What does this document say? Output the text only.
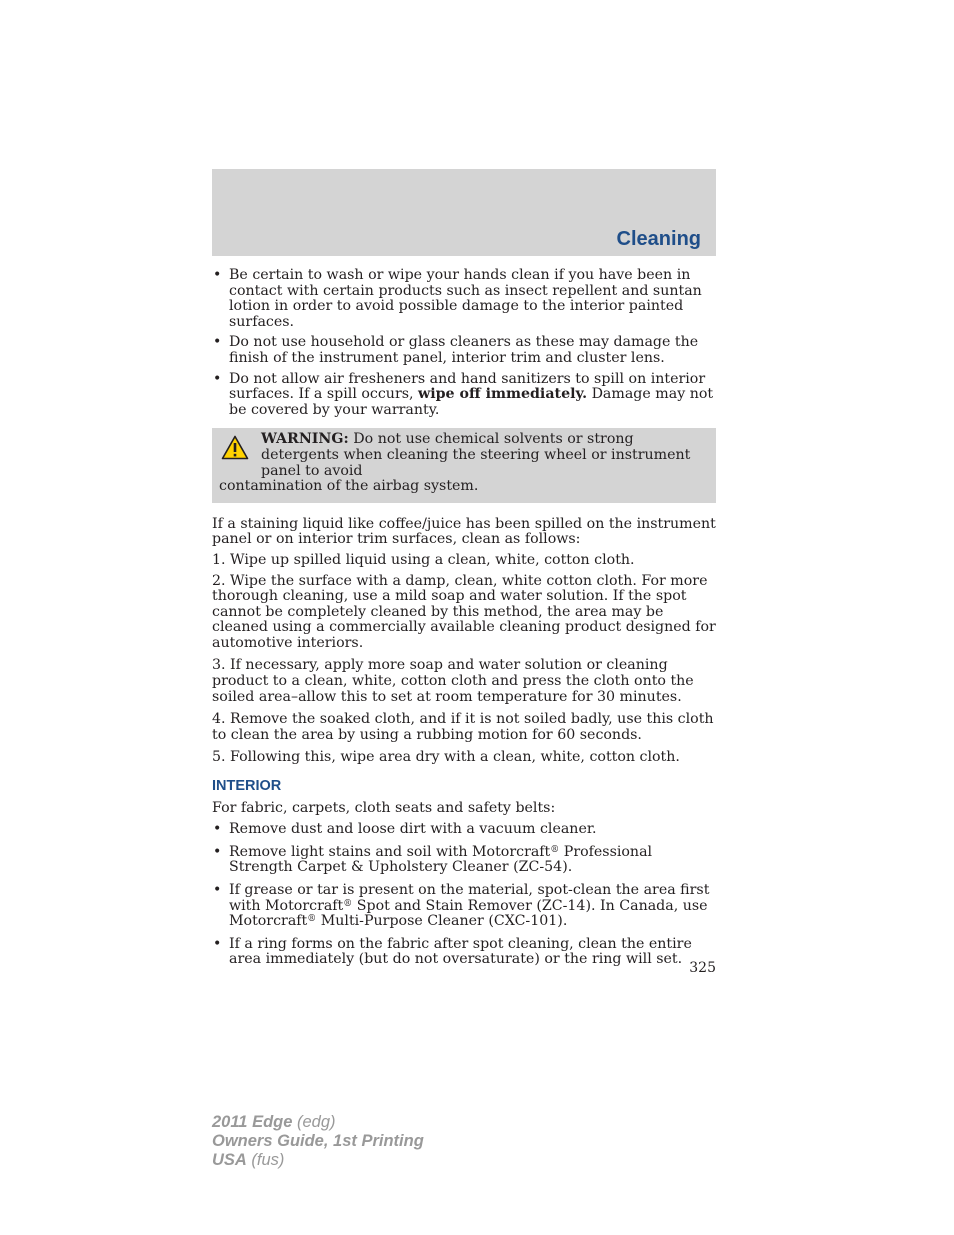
Cleaning
• Be certain to wash or wipe your hands clean if you have been in contact with certain products such as insect repellent and suntan lotion in order to avoid possible damage to the interior painted surfaces.
• Do not use household or glass cleaners as these may damage the finish of the instrument panel, interior trim and cluster lens.
• Do not allow air fresheners and hand sanitizers to spill on interior surfaces. If a spill occurs, wipe off immediately. Damage may not be covered by your warranty.
WARNING: Do not use chemical solvents or strong detergents when cleaning the steering wheel or instrument panel to avoid
contamination of the airbag system.

If a staining liquid like coffee/juice has been spilled on the instrument panel or on interior trim surfaces, clean as follows:

1. Wipe up spilled liquid using a clean, white, cotton cloth.

2. Wipe the surface with a damp, clean, white cotton cloth. For more thorough cleaning, use a mild soap and water solution. If the spot cannot be completely cleaned by this method, the area may be cleaned using a commercially available cleaning product designed for automotive interiors.

3. If necessary, apply more soap and water solution or cleaning product to a clean, white, cotton cloth and press the cloth onto the soiled area–allow this to set at room temperature for 30 minutes.

4. Remove the soaked cloth, and if it is not soiled badly, use this cloth to clean the area by using a rubbing motion for 60 seconds.

5. Following this, wipe area dry with a clean, white, cotton cloth.

INTERIOR

For fabric, carpets, cloth seats and safety belts:

• Remove dust and loose dirt with a vacuum cleaner.
• Remove light stains and soil with Motorcraft® Professional Strength Carpet & Upholstery Cleaner (ZC-54).
• If grease or tar is present on the material, spot-clean the area first with Motorcraft® Spot and Stain Remover (ZC-14). In Canada, use Motorcraft® Multi-Purpose Cleaner (CXC-101).
• If a ring forms on the fabric after spot cleaning, clean the entire area immediately (but do not oversaturate) or the ring will set.
325
2011 Edge (edg)
Owners Guide, 1st Printing
USA (fus)
